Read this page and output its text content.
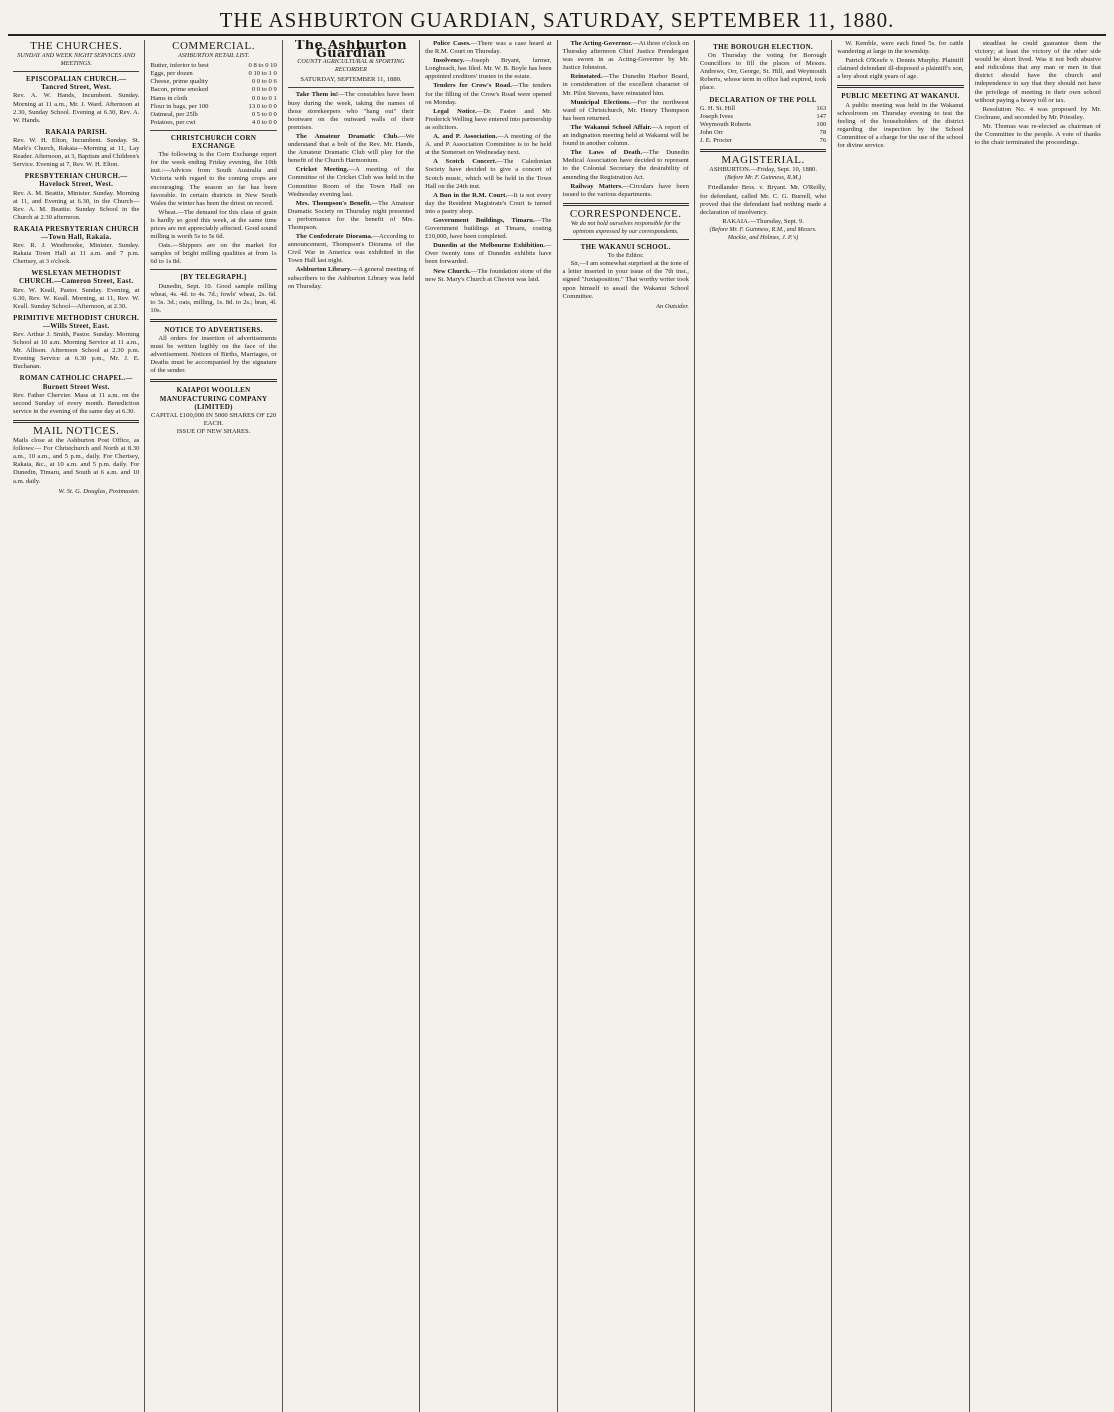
THE ASHBURTON GUARDIAN, SATURDAY, SEPTEMBER 11, 1880.
THE CHURCHES.
SUNDAY AND WEEK NIGHT SERVICES AND MEETINGS.
EPISCOPALIAN CHURCH.—Tancred Street, West.

Rev. A. W. Hands, Incumbent. Sunday. Morning at 11 a.m., Mr. J. Ward. Afternoon at 2.30, Sunday School. Evening at 6.30, Rev. A. W. Hands.

RAKAIA PARISH.

Rev. W. H. Elton, Incumbent. Sunday. St. Mark's Church, Rakaia—Morning at 11, Lay Reader. Afternoon, at 3, Baptism and Children's Service. Evening at 7, Rev. W. H. Elton.

PRESBYTERIAN CHURCH.—Havelock Street, West.

Rev. A. M. Beattie, Minister. Sunday. Morning at 11, and Evening at 6.30, in the Church—Rev. A. M. Beattie. Sunday School in the Church at 2.30 afternoon.

RAKAIA PRESBYTERIAN CHURCH—Town Hall, Rakaia.

Rev. R. J. Westbrooke, Minister. Sunday. Rakaia Town Hall at 11 a.m. and 7 p.m. Chertsey, at 3 o'clock.

WESLEYAN METHODIST CHURCH.—Cameron Street, East.

Rev. W. Keall, Pastor. Sunday. Evening, at 6.30, Rev. W. Keall. Morning, at 11, Rev. W. Keall. Sunday School—Afternoon, at 2.30.

PRIMITIVE METHODIST CHURCH.—Wills Street, East.

Rev. Arthur J. Smith, Pastor. Sunday. Morning School at 10 a.m. Morning Service at 11 a.m., Mr. Allison. Afternoon School at 2.30 p.m. Evening Service at 6.30 p.m., Mr. J. E. Buchanan.

ROMAN CATHOLIC CHAPEL.—Burnett Street West.

Rev. Father Chervier. Mass at 11 a.m. on the second Sunday of every month. Benediction service in the evening of the same day at 6.30.

MAIL NOTICES.

Mails close at the Ashburton Post Office, as follows:— For Christchurch and North at 8.30 a.m., 10 a.m., and 5 p.m., daily. For Chertsey, Rakaia, &c., at 10 a.m. and 5 p.m. daily. For Dunedin, Timaru, and South at 6 a.m. and 10 a.m. daily.

W. St. G. Douglas, Postmaster.
COMMERCIAL.
ASHBURTON RETAIL LIST.
Butter, inferior to best	0 8 to 0 10
Eggs, per dozen	0 10 to 1 0
Cheese, prime quality	0 0 to 0 6
Bacon, prime smoked	0 0 to 0 9
Hams in cloth	0 0 to 0 1
Flour in bags, per 100	13 0 to 0 0
Oatmeal, per 25lb	0 5 to 0 0
Potatoes, per cwt	4 0 to 0 0
CHRISTCHURCH CORN EXCHANGE

The following is the Corn Exchange report for the week ending Friday evening, the 10th inst.:—Advices from South Australia and Victoria with regard to the coming crops are encouraging. The season so far has been favorable. In certain districts in New South Wales the winter has been the driest on record.

Wheat.—The demand for this class of grain is hardly so good this week, at the same time prices are not appreciably affected. Good sound milling is worth 5s to 5s 6d.

Oats.—Shippers are on the market for samples of bright milling qualities at from 1s 6d to 1s 8d.

[BY TELEGRAPH.]

Dunedin, Sept. 10. Good sample milling wheat, 4s. 4d. to 4s. 7d.; fowls' wheat, 2s. 6d. to 3s. 3d.; oats, milling, 1s. 8d. to 2s.; bran, 4l. 10s.

NOTICE TO ADVERTISERS.

All orders for insertion of advertisements must be written legibly on the face of the advertisement. Notices of Births, Marriages, or Deaths must be accompanied by the signature of the sender.

KAIAPOI WOOLLEN MANUFACTURING COMPANY (LIMITED)
CAPITAL £100,000 IN 5000 SHARES OF £20 EACH.
ISSUE OF NEW SHARES.
The Ashburton Guardian
COUNTY AGRICULTURAL & SPORTING RECORDER
SATURDAY, SEPTEMBER 11, 1880.

Take Them in!—The constables have been busy during the week, taking the names of those storekeepers who "hang out" their bootware on the outward walls of their premises.

The Amateur Dramatic Club.—We understand that a bolt of the Rev. Mr. Hands, the Amateur Dramatic Club will play for the benefit of the Church Harmonium.

Cricket Meeting.—A meeting of the Committee of the Cricket Club was held in the Committee Room of the Town Hall on Wednesday evening last.

Mrs. Thompson's Benefit.—The Amateur Dramatic Society on Thursday night presented a performance for the benefit of Mrs. Thompson.

The Confederate Diorama.—According to announcement, Thompson's Diorama of the Civil War in America was exhibited in the Town Hall last night.

Ashburton Library.—A general meeting of subscribers to the Ashburton Library was held on Thursday.

Police Cases.—There was a case heard at the R.M. Court on Thursday.

Insolvency.—Joseph Bryant, farmer, Longbeach, has filed. Mr. W. B. Boyle has been appointed creditors' trustee in the estate.

Tenders for Crow's Road.—The tenders for the filling of the Crow's Road were opened on Monday.

Legal Notice.—Dr. Faster and Mr. Frederick Welling have entered into partnership as solicitors.

A. and P. Association.—A meeting of the A. and P. Association Committee is to be held at the Somerset on Wednesday next.

A Scotch Concert.—The Caledonian Society have decided to give a concert of Scotch music, which will be held in the Town Hall on the 24th inst.

A Bun in the R.M. Court.—It is not every day the Resident Magistrate's Court is turned into a pastry shop.

Government Buildings, Timaru.—The Government buildings at Timaru, costing £10,000, have been completed.

Dunedin at the Melbourne Exhibition.—Over twenty tons of Dunedin exhibits have been forwarded.

New Church.—The foundation stone of the new St. Mary's Church at Cheviot was laid.

The Acting-Governor.—At three o'clock on Thursday afternoon Chief Justice Prendergast was sworn in as Acting-Governor by Mr. Justice Johnston.

Reinstated.—The Dunedin Harbor Board, in consideration of the excellent character of Mr. Pilot Stevens, have reinstated him.

Municipal Elections.—For the northwest ward of Christchurch, Mr. Henry Thompson has been returned.

The Wakanui School Affair.—A report of an indignation meeting held at Wakanui will be found in another column.

The Laws of Death.—The Dunedin Medical Association have decided to represent to the Colonial Secretary the desirability of amending the Registration Act.

Railway Matters.—Circulars have been issued to the various departments.

CORRESPONDENCE.
We do not hold ourselves responsible for the opinions expressed by our correspondents.
THE WAKANUI SCHOOL.
To the Editor.

Sir,—I am somewhat surprised at the tone of a letter inserted in your issue of the 7th inst., signed "Juxtaposition." That worthy writer took upon himself to assail the Wakanui School Committee.

An Outsider.
THE BOROUGH ELECTION.

On Thursday the voting for Borough Councillors to fill the places of Messrs. Andrews, Orr, George, St. Hill, and Weymouth Roberts, whose term in office had expired, took place.

DECLARATION OF THE POLL
G. H. St. Hill	163
Joseph Ivess	147
Weymouth Roberts	100
John Orr	78
J. E. Procter	76
MAGISTERIAL.
ASHBURTON.—Friday, Sept. 10, 1880.
(Before Mr. F. Guinness, R.M.)

Friedlander Bros. v. Bryant. Mr. O'Reilly, for defendant, called Mr. C. G. Burrell, who proved that the defendant had nothing made a declaration of insolvency.

RAKAIA.—Thursday, Sept. 9.
(Before Mr. F. Guinness, R.M., and Messrs. Mackie, and Holmes, J. P.'s)

W. Kemble, were each fined 5s. for cattle wandering at large in the township.

Patrick O'Keefe v. Dennis Murphy. Plaintiff claimed defendant ill-disposed a plaintiff's son, a boy about eight years of age.

PUBLIC MEETING AT WAKANUI.

A public meeting was held in the Wakanui schoolroom on Thursday evening to test the feeling of the householders of the district regarding the inspection by the School Committee of a charge for the use of the school for divine service.

steadfast he could guarantee them the victory; at least the victory of the other side would be short lived. Was it not both abusive and ridiculous that any man or men in that district should have the church and independence to say that they should not have the privilege of meeting in their own school without paying a heavy toll or tax.

Resolution No. 4 was proposed by Mr. Cochrane, and seconded by Mr. Priestley.

Mr. Thomas was re-elected as chairman of the Committee to the people. A vote of thanks to the chair terminated the proceedings.
